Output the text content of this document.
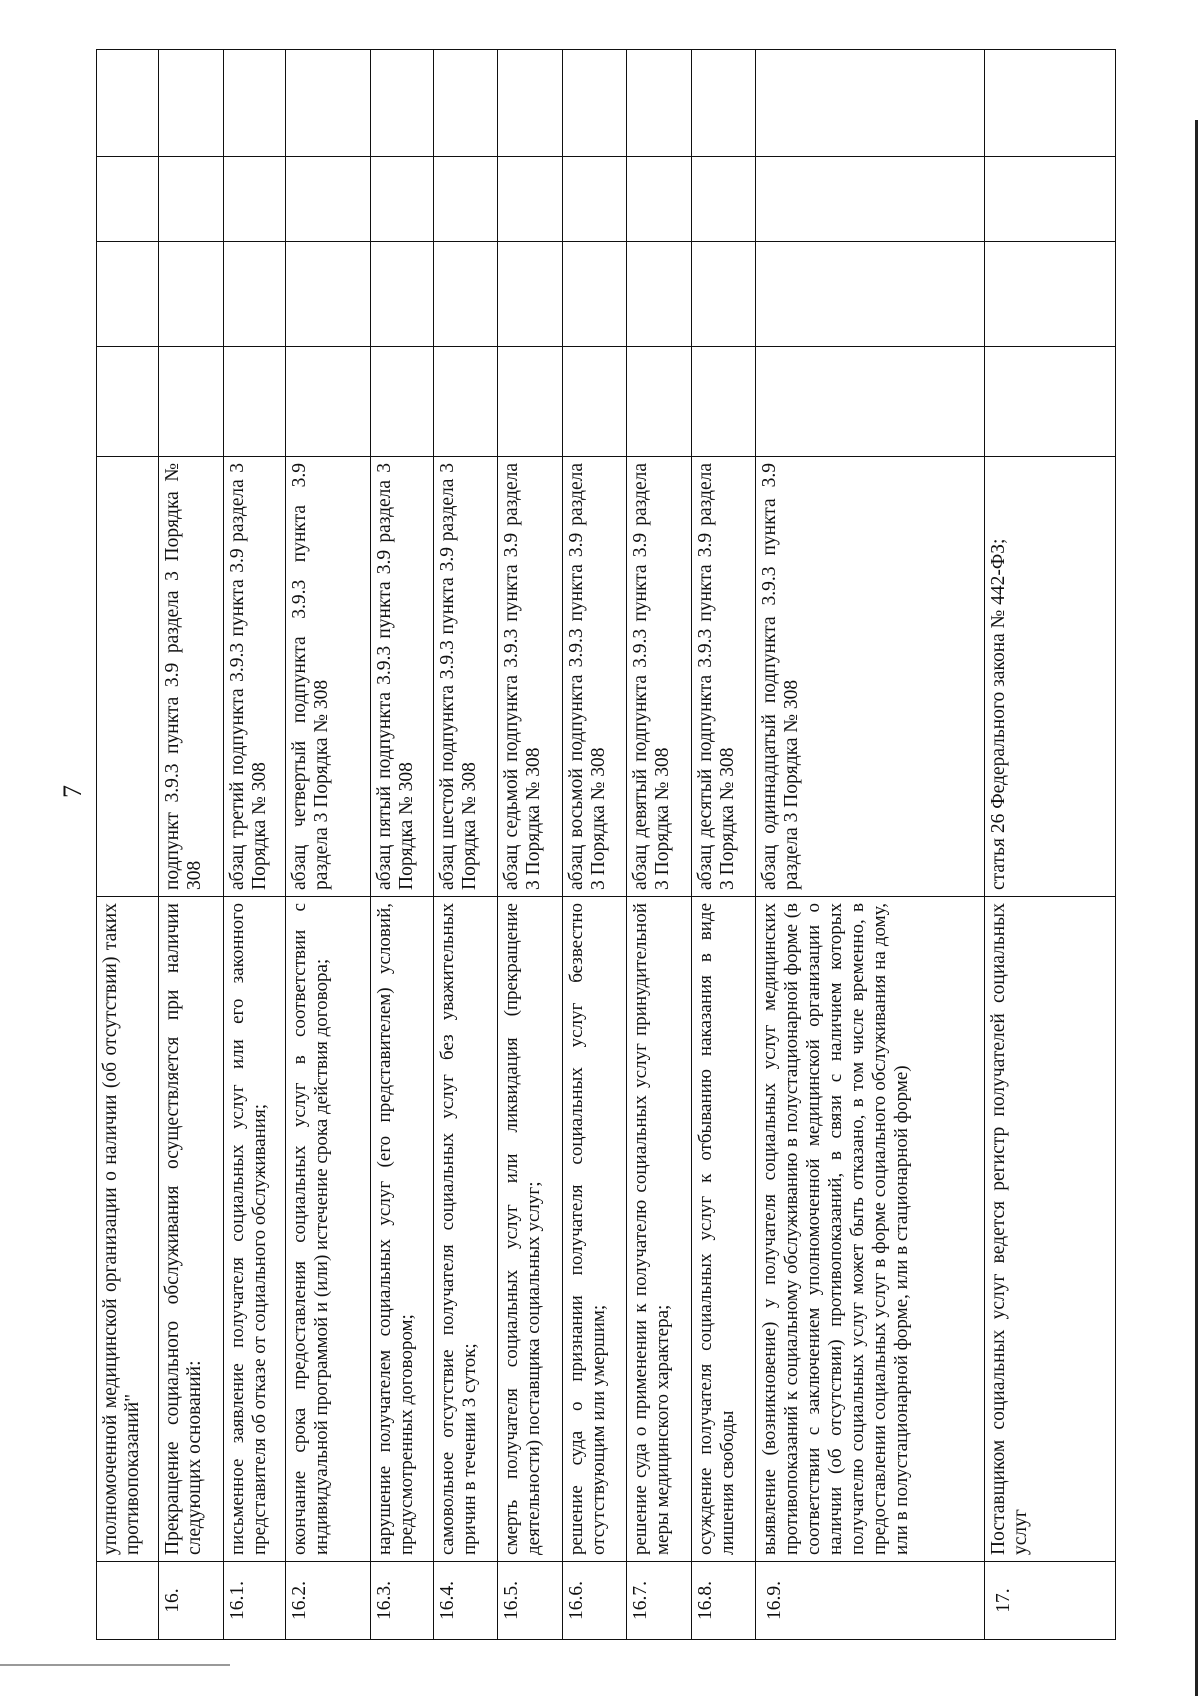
7
	уполномоченной медицинской организации о наличии (об отсутствии) таких противопоказаний"					
16.	Прекращение социального обслуживания осуществляется при наличии следующих оснований:	подпункт 3.9.3 пункта 3.9 раздела 3 Порядка № 308				
16.1.	письменное заявление получателя социальных услуг или его законного представителя об отказе от социального обслуживания;	абзац третий подпункта 3.9.3 пункта 3.9 раздела 3 Порядка № 308				
16.2.	окончание срока предоставления социальных услуг в соответствии с индивидуальной программой и (или) истечение срока действия договора;	абзац четвертый подпункта 3.9.3 пункта 3.9 раздела 3 Порядка № 308				
16.3.	нарушение получателем социальных услуг (его представителем) условий, предусмотренных договором;	абзац пятый подпункта 3.9.3 пункта 3.9 раздела 3 Порядка № 308				
16.4.	самовольное отсутствие получателя социальных услуг без уважительных причин в течении 3 суток;	абзац шестой подпункта 3.9.3 пункта 3.9 раздела 3 Порядка № 308				
16.5.	смерть получателя социальных услуг или ликвидация (прекращение деятельности) поставщика социальных услуг;	абзац седьмой подпункта 3.9.3 пункта 3.9 раздела 3 Порядка № 308				
16.6.	решение суда о признании получателя социальных услуг безвестно отсутствующим или умершим;	абзац восьмой подпункта 3.9.3 пункта 3.9 раздела 3 Порядка № 308				
16.7.	решение суда о применении к получателю социальных услуг принудительной меры медицинского характера;	абзац девятый подпункта 3.9.3 пункта 3.9 раздела 3 Порядка № 308				
16.8.	осуждение получателя социальных услуг к отбыванию наказания в виде лишения свободы	абзац десятый подпункта 3.9.3 пункта 3.9 раздела 3 Порядка № 308				
16.9.	выявление (возникновение) у получателя социальных услуг медицинских противопоказаний к социальному обслуживанию в полустационарной форме (в соответствии с заключением уполномоченной медицинской организации о наличии (об отсутствии) противопоказаний, в связи с наличием которых получателю социальных услуг может быть отказано, в том числе временно, в предоставлении социальных услуг в форме социального обслуживания на дому, или в полустационарной форме, или в стационарной форме)	абзац одиннадцатый подпункта 3.9.3 пункта 3.9 раздела 3 Порядка № 308				
17.	Поставщиком социальных услуг ведется регистр получателей социальных услуг	статья 26 Федерального закона № 442-ФЗ;				
